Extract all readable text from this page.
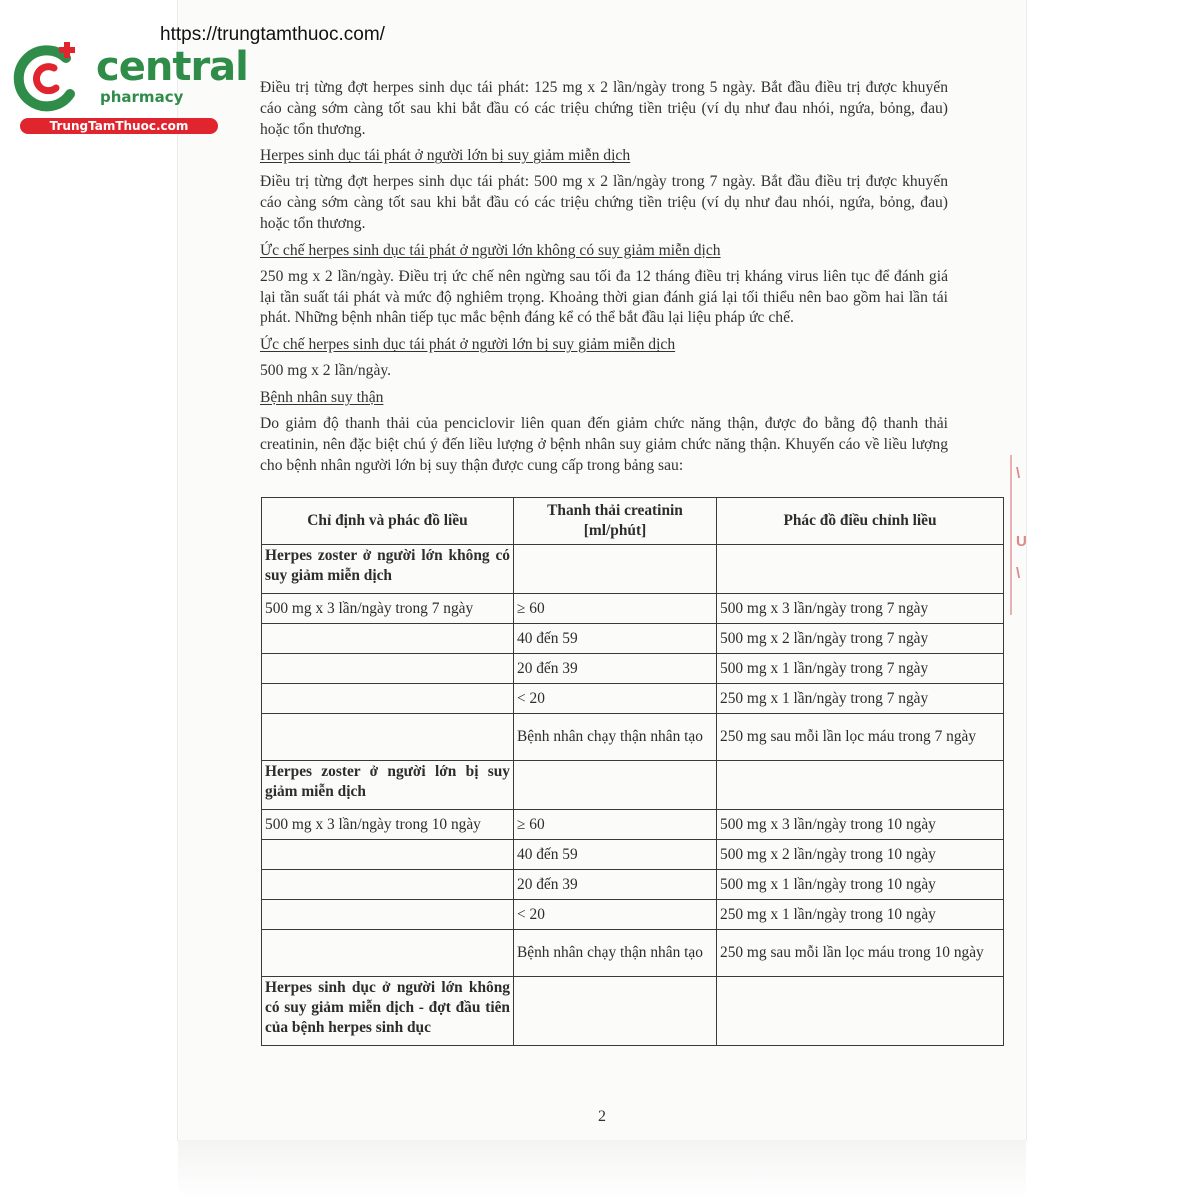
\
U
\
central
pharmacy
TrungTamThuoc.com
https://trungtamthuoc.com/

Điều trị từng đợt herpes sinh dục tái phát: 125 mg x 2 lần/ngày trong 5 ngày. Bắt đầu điều trị được khuyến cáo càng sớm càng tốt sau khi bắt đầu có các triệu chứng tiền triệu (ví dụ như đau nhói, ngứa, bỏng, đau) hoặc tổn thương.

Herpes sinh dục tái phát ở người lớn bị suy giảm miễn dịch

Điều trị từng đợt herpes sinh dục tái phát: 500 mg x 2 lần/ngày trong 7 ngày. Bắt đầu điều trị được khuyến cáo càng sớm càng tốt sau khi bắt đầu có các triệu chứng tiền triệu (ví dụ như đau nhói, ngứa, bỏng, đau) hoặc tổn thương.

Ức chế herpes sinh dục tái phát ở người lớn không có suy giảm miễn dịch

250 mg x 2 lần/ngày. Điều trị ức chế nên ngừng sau tối đa 12 tháng điều trị kháng virus liên tục để đánh giá lại tần suất tái phát và mức độ nghiêm trọng. Khoảng thời gian đánh giá lại tối thiểu nên bao gồm hai lần tái phát. Những bệnh nhân tiếp tục mắc bệnh đáng kể có thể bắt đầu lại liệu pháp ức chế.

Ức chế herpes sinh dục tái phát ở người lớn bị suy giảm miễn dịch

500 mg x 2 lần/ngày.

Bệnh nhân suy thận

Do giảm độ thanh thải của penciclovir liên quan đến giảm chức năng thận, được đo bằng độ thanh thải creatinin, nên đặc biệt chú ý đến liều lượng ở bệnh nhân suy giảm chức năng thận. Khuyến cáo về liều lượng cho bệnh nhân người lớn bị suy thận được cung cấp trong bảng sau:

Chỉ định và phác đồ liều	Thanh thải creatinin [ml/phút]	Phác đồ điều chỉnh liều
Herpes zoster ở người lớn không có suy giảm miễn dịch		
500 mg x 3 lần/ngày trong 7 ngày	≥ 60	500 mg x 3 lần/ngày trong 7 ngày
	40 đến 59	500 mg x 2 lần/ngày trong 7 ngày
	20 đến 39	500 mg x 1 lần/ngày trong 7 ngày
	< 20	250 mg x 1 lần/ngày trong 7 ngày
	Bệnh nhân chạy thận nhân tạo	250 mg sau mỗi lần lọc máu trong 7 ngày
Herpes zoster ở người lớn bị suy giảm miễn dịch		
500 mg x 3 lần/ngày trong 10 ngày	≥ 60	500 mg x 3 lần/ngày trong 10 ngày
	40 đến 59	500 mg x 2 lần/ngày trong 10 ngày
	20 đến 39	500 mg x 1 lần/ngày trong 10 ngày
	< 20	250 mg x 1 lần/ngày trong 10 ngày
	Bệnh nhân chạy thận nhân tạo	250 mg sau mỗi lần lọc máu trong 10 ngày
Herpes sinh dục ở người lớn không có suy giảm miễn dịch - đợt đầu tiên của bệnh herpes sinh dục		
2
